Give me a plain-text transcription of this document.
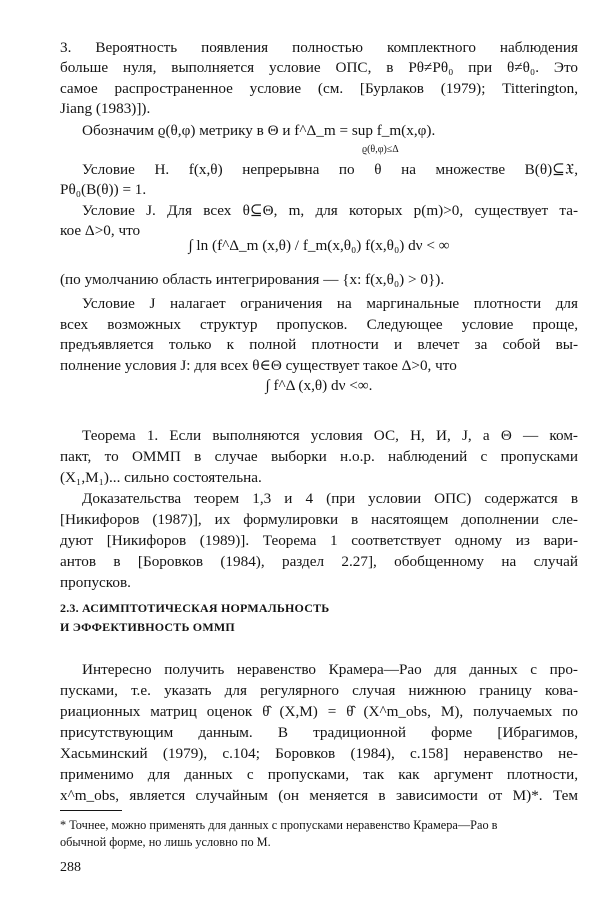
3. Вероятность появления полностью комплектного наблюдения
больше нуля, выполняется условие ОПС, в Pθ≠Pθ₀ при θ≠θ₀. Это
самое распространенное условие (см. [Бурлаков (1979); Titterington,
Jiang (1983)]).
Обозначим ϱ(θ,φ) метрику в Θ и f^Δ_m = sup f_m(x,φ).
ϱ(θ,φ)≤Δ
Условие H. f(x,θ) непрерывна по θ на множестве B(θ)⊆𝔛,
Pθ₀(B(θ)) = 1.
Условие J. Для всех θ⊆Θ, m, для которых p(m)>0, существует та-
кое Δ>0, что
∫ ln (f^Δ_m (x,θ) / f_m(x,θ₀) f(x,θ₀) dν < ∞
(по умолчанию область интегрирования — {x: f(x,θ₀) > 0}).
Условие J налагает ограничения на маргинальные плотности для
всех возможных структур пропусков. Следующее условие проще,
предъявляется только к полной плотности и влечет за собой вы-
полнение условия J: для всех θ∈Θ существует такое Δ>0, что
∫ f^Δ (x,θ) dν <∞.
Теорема 1. Если выполняются условия ОС, Н, И, J, а Θ — ком-
пакт, то ОММП в случае выборки н.о.р. наблюдений с пропусками
(X₁,M₁)... сильно состоятельна.
Доказательства теорем 1,3 и 4 (при условии ОПС) содержатся в
[Никифоров (1987)], их формулировки в насятоящем дополнении сле-
дуют [Никифоров (1989)]. Теорема 1 соответствует одному из вари-
антов в [Боровков (1984), раздел 2.27], обобщенному на случай
пропусков.
Интересно получить неравенство Крамера—Рао для данных с про-
пусками, т.е. указать для регулярного случая нижнюю границу кова-
риационных матриц оценок θ̂ (X,M) = θ̂ (X^m_obs, M), получаемых по
присутствующим данным. В традиционной форме [Ибрагимов,
Хасьминский (1979), с.104; Боровков (1984), с.158] неравенство не-
применимо для данных с пропусками, так как аргумент плотности,
x^m_obs, является случайным (он меняется в зависимости от M)*. Тем
2.3. АСИМПТОТИЧЕСКАЯ НОРМАЛЬНОСТЬ
И ЭФФЕКТИВНОСТЬ ОММП
* Точнее, можно применять для данных с пропусками неравенство Крамера—Рао в
обычной форме, но лишь условно по M.
288
